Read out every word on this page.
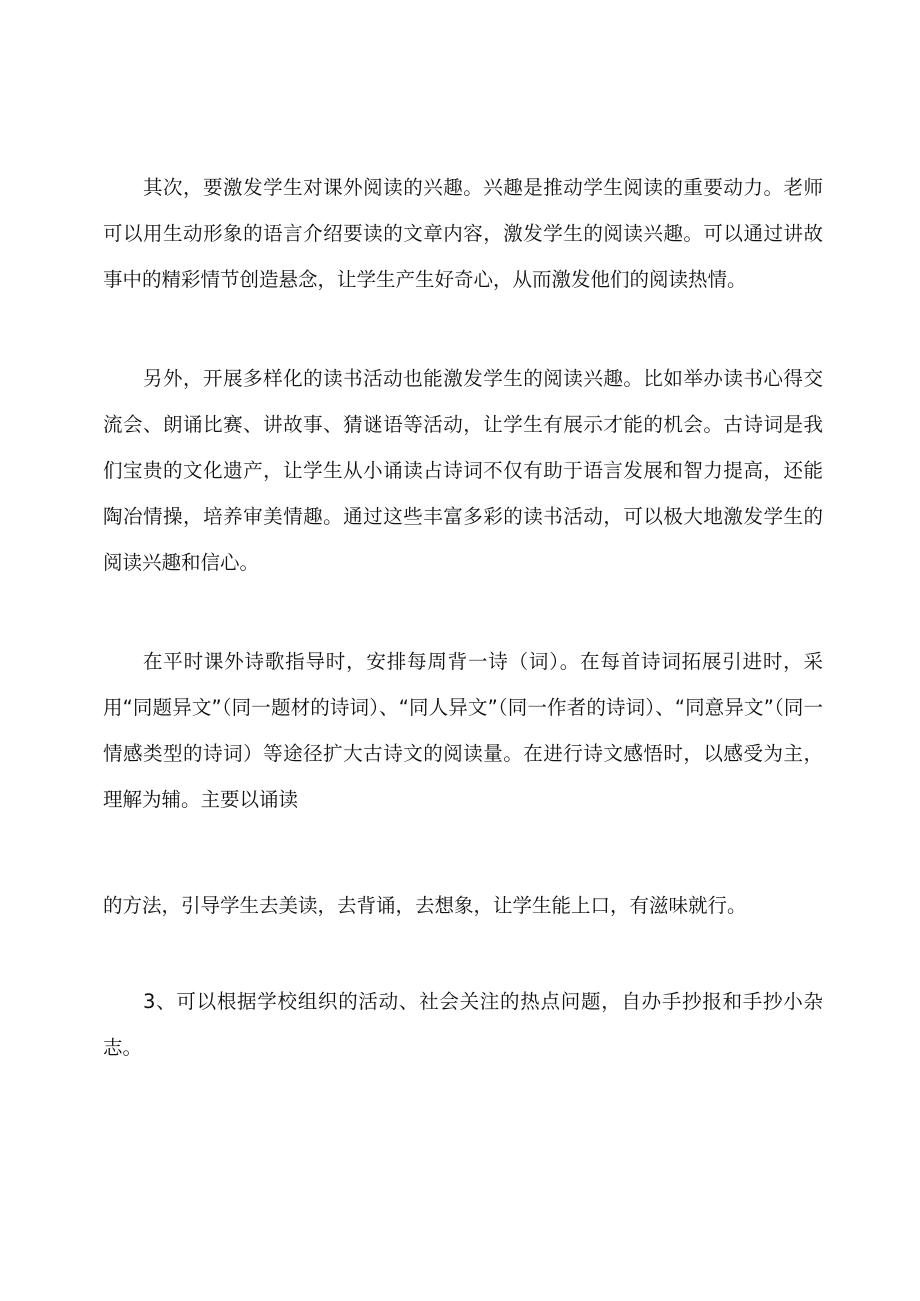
其次，要激发学生对课外阅读的兴趣。兴趣是推动学生阅读的重要动力。老师可以用生动形象的语言介绍要读的文章内容，激发学生的阅读兴趣。可以通过讲故事中的精彩情节创造悬念，让学生产生好奇心，从而激发他们的阅读热情。

另外，开展多样化的读书活动也能激发学生的阅读兴趣。比如举办读书心得交流会、朗诵比赛、讲故事、猜谜语等活动，让学生有展示才能的机会。古诗词是我们宝贵的文化遗产，让学生从小诵读占诗词不仅有助于语言发展和智力提高，还能陶冶情操，培养审美情趣。通过这些丰富多彩的读书活动，可以极大地激发学生的阅读兴趣和信心。

在平时课外诗歌指导时，安排每周背一诗（词）。在每首诗词拓展引进时，采用“同题异文”（同一题材的诗词）、“同人异文”（同一作者的诗词）、“同意异文”（同一情感类型的诗词）等途径扩大古诗文的阅读量。在进行诗文感悟时，以感受为主，理解为辅。主要以诵读

的方法，引导学生去美读，去背诵，去想象，让学生能上口，有滋味就行。

3、可以根据学校组织的活动、社会关注的热点问题，自办手抄报和手抄小杂志。
